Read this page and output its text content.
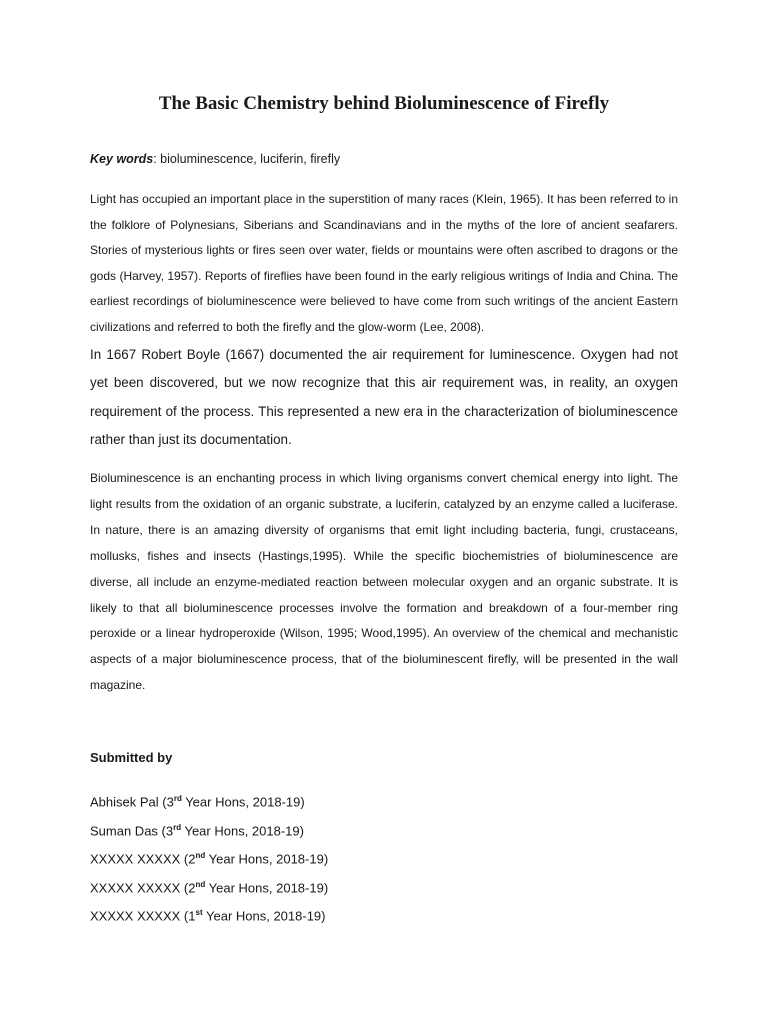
The Basic Chemistry behind Bioluminescence of Firefly
Key words: bioluminescence, luciferin, firefly

Light has occupied an important place in the superstition of many races (Klein, 1965). It has been referred to in the folklore of Polynesians, Siberians and Scandinavians and in the myths of the lore of ancient seafarers. Stories of mysterious lights or fires seen over water, fields or mountains were often ascribed to dragons or the gods (Harvey, 1957). Reports of fireflies have been found in the early religious writings of India and China. The earliest recordings of bioluminescence were believed to have come from such writings of the ancient Eastern civilizations and referred to both the firefly and the glow-worm (Lee, 2008).

In 1667 Robert Boyle (1667) documented the air requirement for luminescence. Oxygen had not yet been discovered, but we now recognize that this air requirement was, in reality, an oxygen requirement of the process. This represented a new era in the characterization of bioluminescence rather than just its documentation.

Bioluminescence is an enchanting process in which living organisms convert chemical energy into light. The light results from the oxidation of an organic substrate, a luciferin, catalyzed by an enzyme called a luciferase. In nature, there is an amazing diversity of organisms that emit light including bacteria, fungi, crustaceans, mollusks, fishes and insects (Hastings,1995). While the specific biochemistries of bioluminescence are diverse, all include an enzyme-mediated reaction between molecular oxygen and an organic substrate. It is likely to that all bioluminescence processes involve the formation and breakdown of a four-member ring peroxide or a linear hydroperoxide (Wilson, 1995; Wood,1995). An overview of the chemical and mechanistic aspects of a major bioluminescence process, that of the bioluminescent firefly, will be presented in the wall magazine.

Submitted by
Abhisek Pal (3rd Year Hons, 2018-19)
Suman Das (3rd Year Hons, 2018-19)
XXXXX XXXXX (2nd Year Hons, 2018-19)
XXXXX XXXXX (2nd Year Hons, 2018-19)
XXXXX XXXXX (1st Year Hons, 2018-19)
